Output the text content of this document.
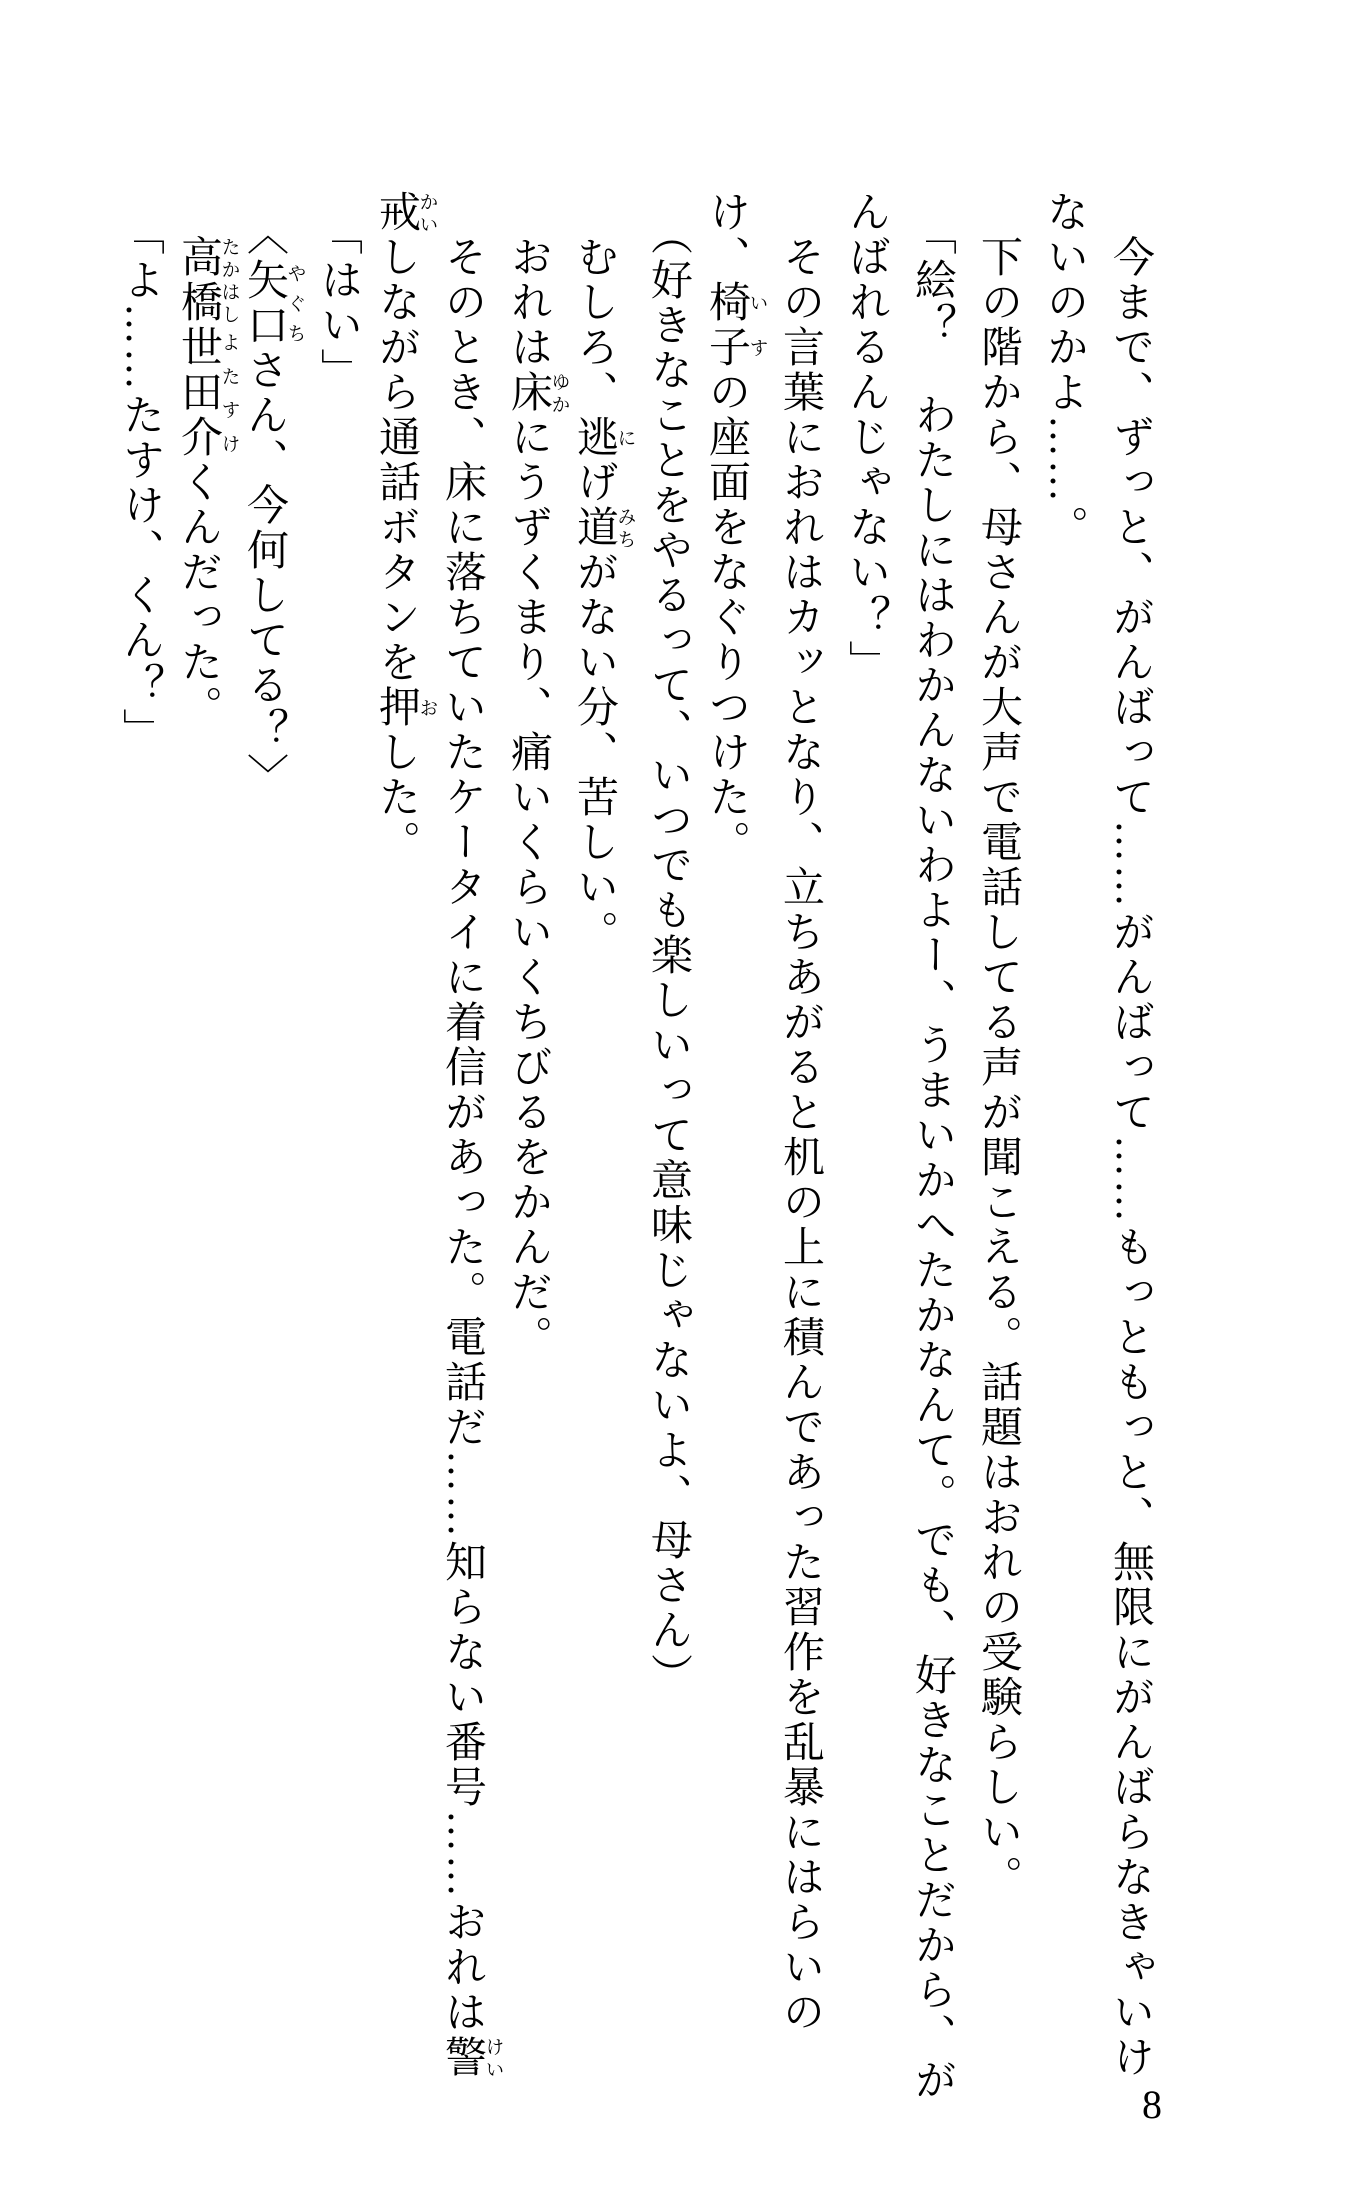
今まで、ずっと、がんばって……がんばって……もっともっと、無限にがんばらなきゃいけ
ないのかよ……。
下の階から、母さんが大声で電話してる声が聞こえる。話題はおれの受験らしい。
「絵？　わたしにはわかんないわよー、うまいかへたかなんて。でも、好きなことだから、が
んばれるんじゃない？」
その言葉におれはカッとなり、立ちあがると机の上に積んであった習作を乱暴にはらいの
け、椅子いすの座面をなぐりつけた。
（好きなことをやるって、いつでも楽しいって意味じゃないよ、母さん）
むしろ、逃にげ道みちがない分、苦しい。
おれは床ゆかにうずくまり、痛いくらいくちびるをかんだ。
そのとき、床に落ちていたケータイに着信があった。電話だ……知らない番号……おれは警けい
戒かいしながら通話ボタンを押おした。
「はい」
〈矢口やぐちさん、今何してる？〉
高橋たかはし世田介よたすけくんだった。
「よ……たすけ、くん？」
8
